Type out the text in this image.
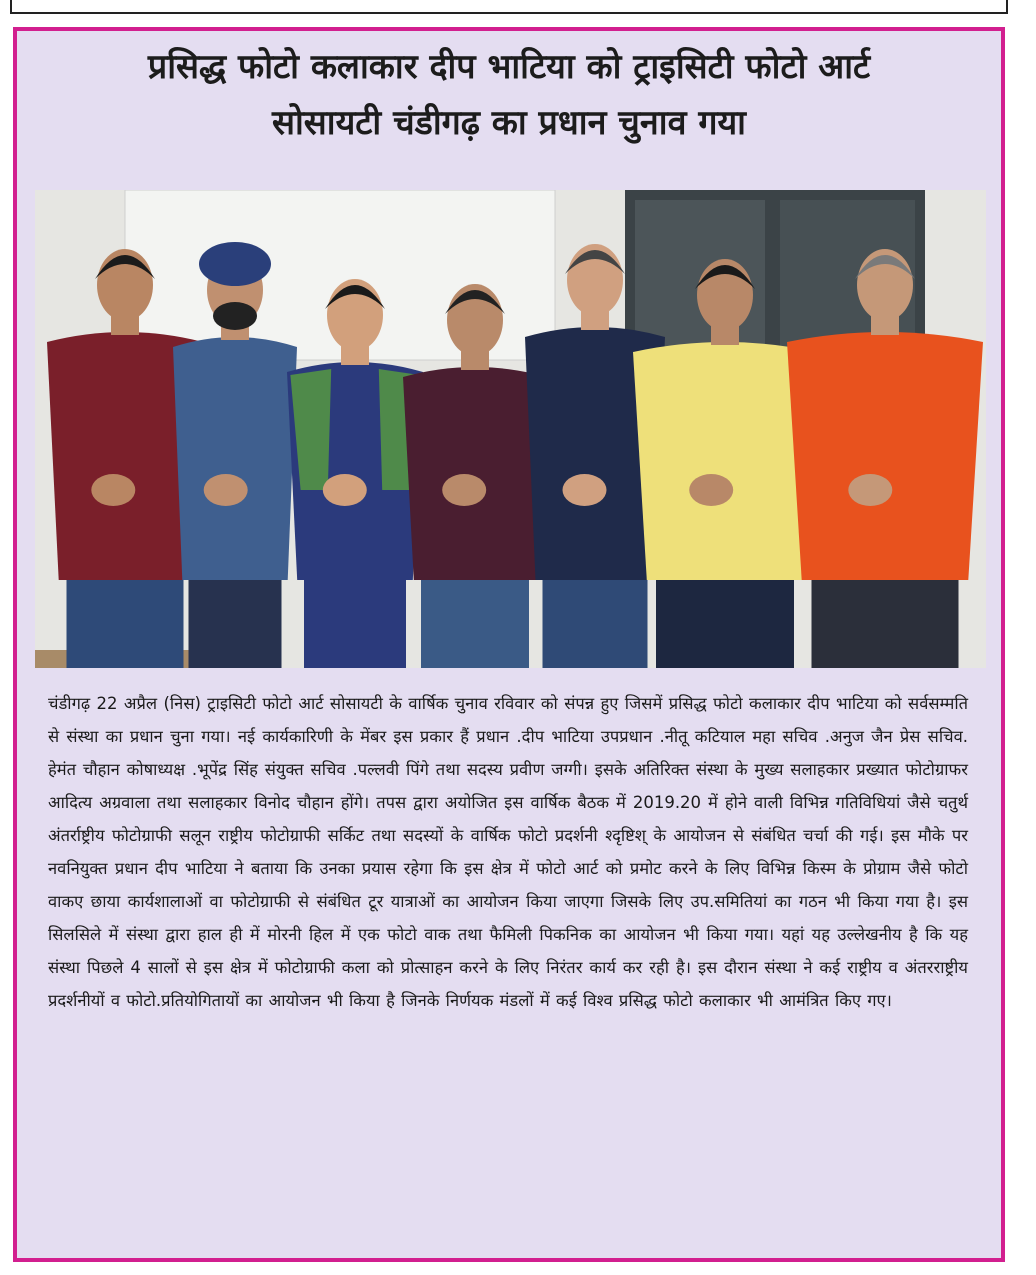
प्रसिद्ध फोटो कलाकार दीप भाटिया को ट्राइसिटी फोटो आर्ट
सोसायटी चंडीगढ़ का प्रधान चुनाव गया
चंडीगढ़ 22 अप्रैल (निस) ट्राइसिटी फोटो आर्ट सोसायटी के वार्षिक चुनाव रविवार को संपन्न हुए जिसमें प्रसिद्ध फोटो कलाकार दीप भाटिया को सर्वसम्मति से संस्था का प्रधान चुना गया। नई कार्यकारिणी के मेंबर इस प्रकार हैं प्रधान .दीप भाटिया उपप्रधान .नीतू कटियाल महा सचिव .अनुज जैन प्रेस सचिव. हेमंत चौहान कोषाध्यक्ष .भूपेंद्र सिंह संयुक्त सचिव .पल्लवी पिंगे तथा सदस्य प्रवीण जग्गी। इसके अतिरिक्त संस्था के मुख्य सलाहकार प्रख्यात फोटोग्राफर आदित्य अग्रवाला तथा सलाहकार विनोद चौहान होंगे। तपस द्वारा अयोजित इस वार्षिक बैठक में 2019.20 में होने वाली विभिन्न गतिविधियां जैसे चतुर्थ अंतर्राष्ट्रीय फोटोग्राफी सलून राष्ट्रीय फोटोग्राफी सर्किट तथा सदस्यों के वार्षिक फोटो प्रदर्शनी श्दृष्टिश् के आयोजन से संबंधित चर्चा की गई। इस मौके पर नवनियुक्त प्रधान दीप भाटिया ने बताया कि उनका प्रयास रहेगा कि इस क्षेत्र में फोटो आर्ट को प्रमोट करने के लिए विभिन्न किस्म के प्रोग्राम जैसे फोटो वाकए छाया कार्यशालाओं वा फोटोग्राफी से संबंधित टूर यात्राओं का आयोजन किया जाएगा जिसके लिए उप.समितियां का गठन भी किया गया है। इस सिलसिले में संस्था द्वारा हाल ही में मोरनी हिल में एक फोटो वाक तथा फैमिली पिकनिक का आयोजन भी किया गया। यहां यह उल्लेखनीय है कि यह संस्था पिछले 4 सालों से इस क्षेत्र में फोटोग्राफी कला को प्रोत्साहन करने के लिए निरंतर कार्य कर रही है। इस दौरान संस्था ने कई राष्ट्रीय व अंतरराष्ट्रीय प्रदर्शनीयों व फोटो.प्रतियोगितायों का आयोजन भी किया है जिनके निर्णयक मंडलों में कई विश्व प्रसिद्ध फोटो कलाकार भी आमंत्रित किए गए।
